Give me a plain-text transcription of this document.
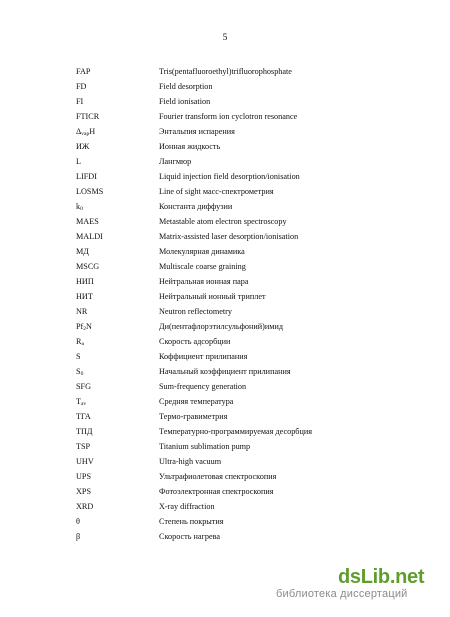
5
FAP	Tris(pentafluoroethyl)trifluorophosphate
FD	Field desorption
FI	Field ionisation
FTICR	Fourier transform ion cyclotron resonance
ΔvapH	Энтальпия испарения
ИЖ	Ионная жидкость
L	Лангмюр
LIFDI	Liquid injection field desorption/ionisation
LOSMS	Line of sight масс-спектрометрия
k0	Константа диффузии
MAES	Metastable atom electron spectroscopy
MALDI	Matrix-assisted laser desorption/ionisation
МД	Молекулярная динамика
MSCG	Multiscale coarse graining
НИП	Нейтральная ионная пара
НИТ	Нейтральный ионный триплет
NR	Neutron reflectometry
Pf2N	Ди(пентафлорэтилсульфоний)имид
Ra	Скорость адсорбции
S	Коффициент прилипания
S0	Начальный коэффициент прилипания
SFG	Sum-frequency generation
Tav	Средняя температура
ТГА	Термо-гравиметрия
ТПД	Температурно-программируемая десорбция
TSP	Titanium sublimation pump
UHV	Ultra-high vacuum
UPS	Ультрафиолетовая спектроскопия
XPS	Фотоэлектронная спектроскопия
XRD	X-ray diffraction
θ	Степень покрытия
β	Скорость нагрева
dsLib.net
библиотека диссертаций
